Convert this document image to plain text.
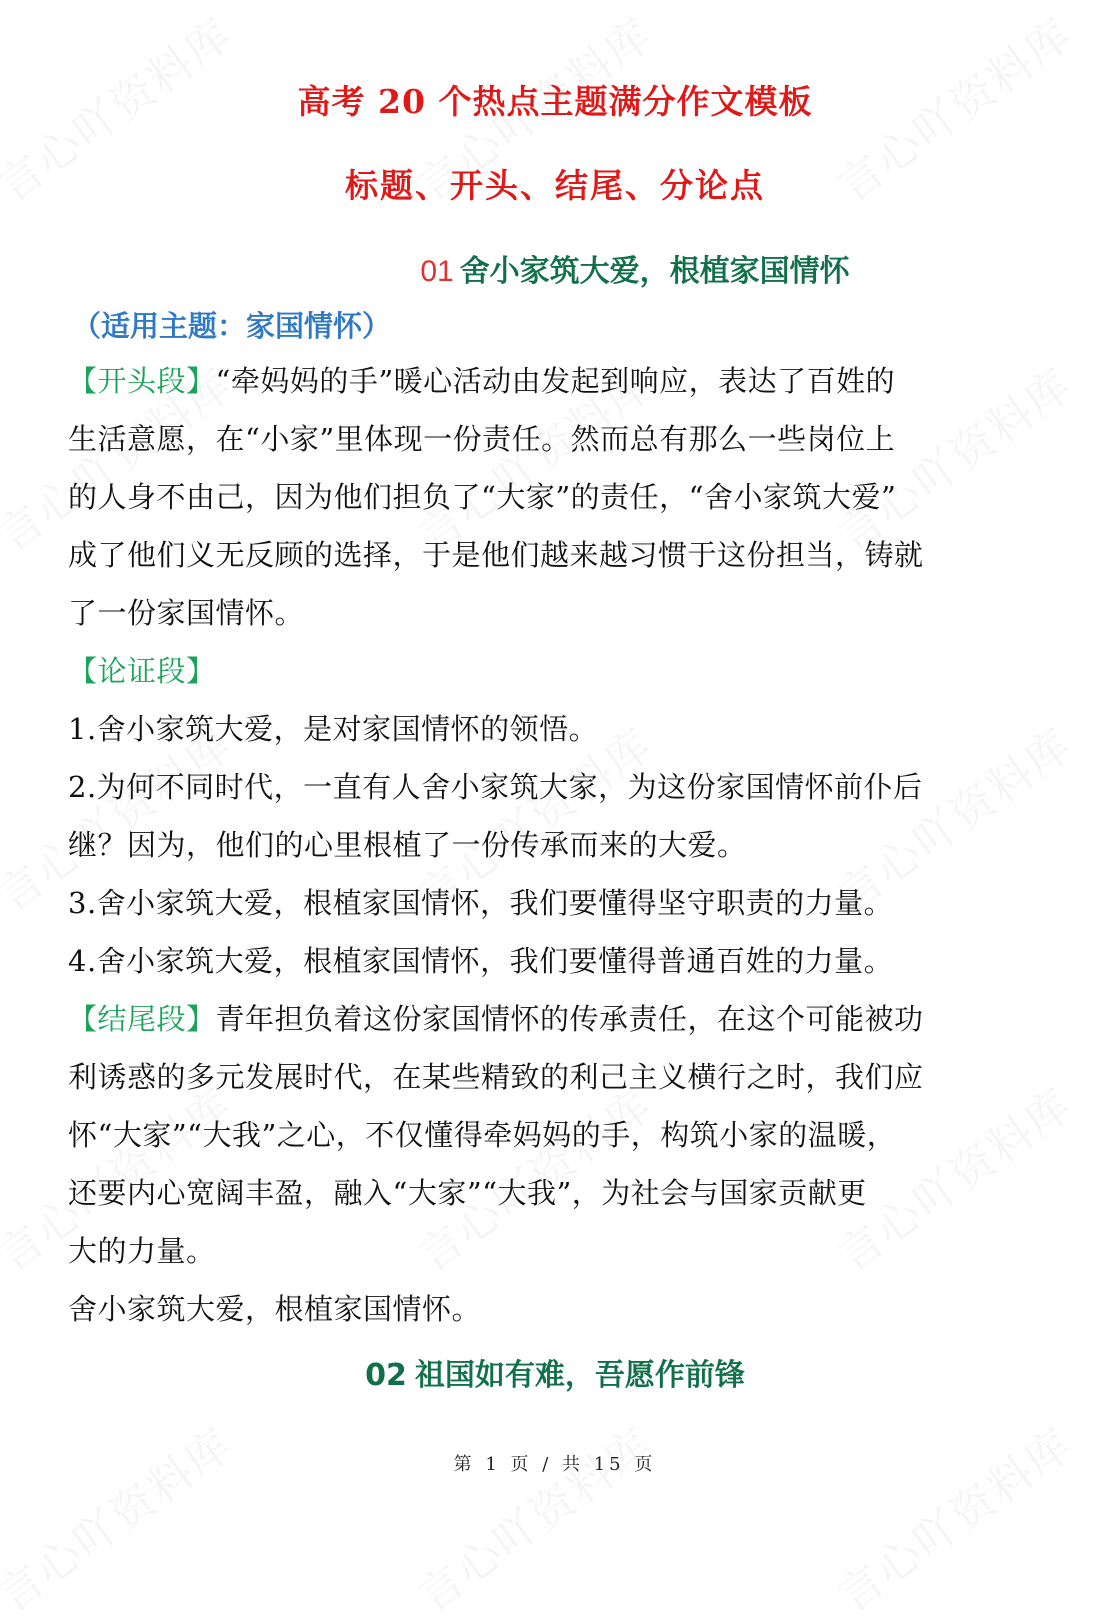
高考 20 个热点主题满分作文模板
标题、开头、结尾、分论点
01 舍小家筑大爱，根植家国情怀
（适用主题：家国情怀）
【开头段】“牵妈妈的手”暖心活动由发起到响应，表达了百姓的
生活意愿，在“小家”里体现一份责任。然而总有那么一些岗位上
的人身不由己，因为他们担负了“大家”的责任，“舍小家筑大爱”
成了他们义无反顾的选择，于是他们越来越习惯于这份担当，铸就
了一份家国情怀。
【论证段】
1.舍小家筑大爱，是对家国情怀的领悟。
2.为何不同时代，一直有人舍小家筑大家，为这份家国情怀前仆后
继？因为，他们的心里根植了一份传承而来的大爱。
3.舍小家筑大爱，根植家国情怀，我们要懂得坚守职责的力量。
4.舍小家筑大爱，根植家国情怀，我们要懂得普通百姓的力量。
【结尾段】青年担负着这份家国情怀的传承责任，在这个可能被功
利诱惑的多元发展时代，在某些精致的利己主义横行之时，我们应
怀“大家”“大我”之心，不仅懂得牵妈妈的手，构筑小家的温暖，
还要内心宽阔丰盈，融入“大家”“大我”，为社会与国家贡献更
大的力量。
舍小家筑大爱，根植家国情怀。
02 祖国如有难，吾愿作前锋
第 1 页 / 共 15 页
